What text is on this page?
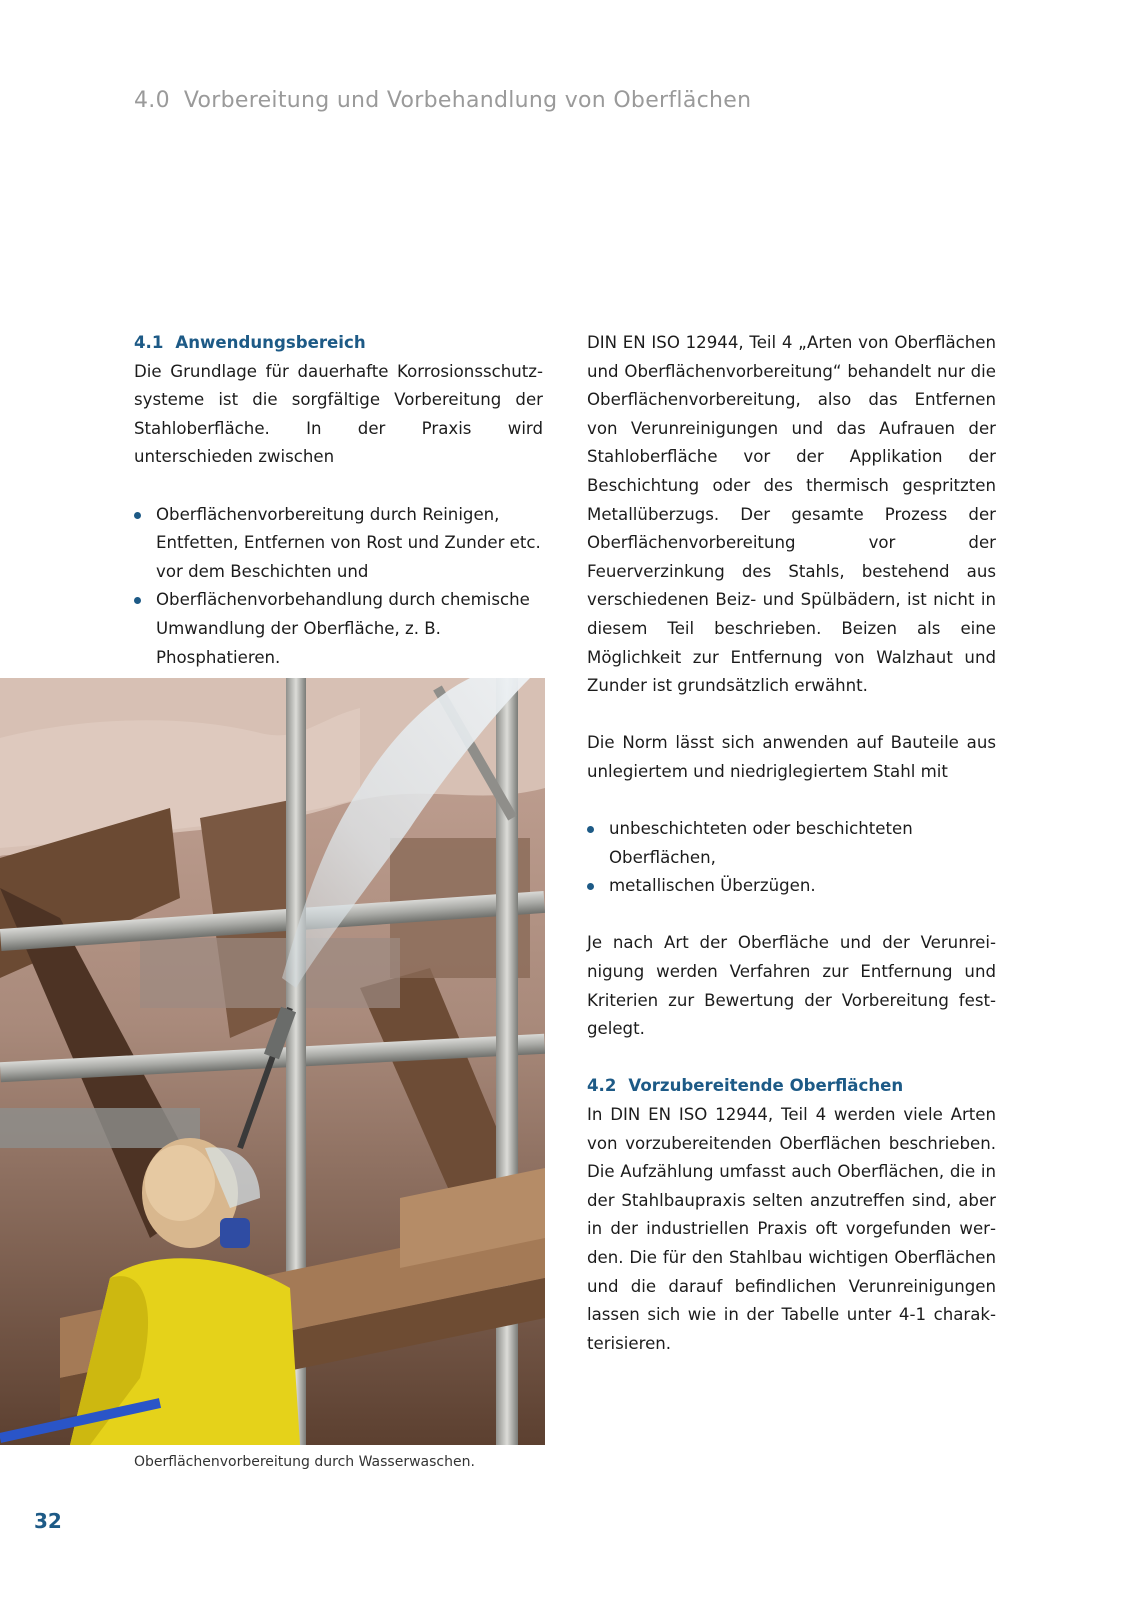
4.0 Vorbereitung und Vorbehandlung von Oberflächen
4.1 Anwendungsbereich

Die Grundlage für dauerhafte Korrosionsschutzsysteme ist die sorgfältige Vorbereitung der Stahloberfläche. In der Praxis wird unterschieden zwischen

Oberflächenvorbereitung durch Reinigen, Entfetten, Entfernen von Rost und Zunder etc. vor dem Beschichten und
Oberflächenvorbehandlung durch chemische Umwandlung der Oberfläche, z. B. Phosphatieren.

DIN EN ISO 12944, Teil 4 „Arten von Oberflächen und Oberflächenvorbereitung“ behandelt nur die Oberflächenvorbereitung, also das Entfernen von Verunreinigungen und das Aufrauen der Stahloberfläche vor der Applikation der Beschichtung oder des thermisch gespritzten Metallüberzugs. Der gesamte Prozess der Oberflächenvorbereitung vor der Feuerverzinkung des Stahls, bestehend aus verschiedenen Beiz- und Spülbädern, ist nicht in diesem Teil beschrieben. Beizen als eine Möglichkeit zur Entfernung von Walzhaut und Zunder ist grundsätzlich erwähnt.

Die Norm lässt sich anwenden auf Bauteile aus unlegiertem und niedriglegiertem Stahl mit

unbeschichteten oder beschichteten Oberflächen,
metallischen Überzügen.

Je nach Art der Oberfläche und der Verunreinigung werden Verfahren zur Entfernung und Kriterien zur Bewertung der Vorbereitung festgelegt.

4.2 Vorzubereitende Oberflächen

In DIN EN ISO 12944, Teil 4 werden viele Arten von vorzubereitenden Oberflächen beschrieben. Die Aufzählung umfasst auch Oberflächen, die in der Stahlbaupraxis selten anzutreffen sind, aber in der industriellen Praxis oft vorgefunden werden. Die für den Stahlbau wichtigen Oberflächen und die darauf befindlichen Verunreinigungen lassen sich wie in der Tabelle unter 4-1 charakterisieren.

Oberflächenvorbereitung durch Wasserwaschen.
32
